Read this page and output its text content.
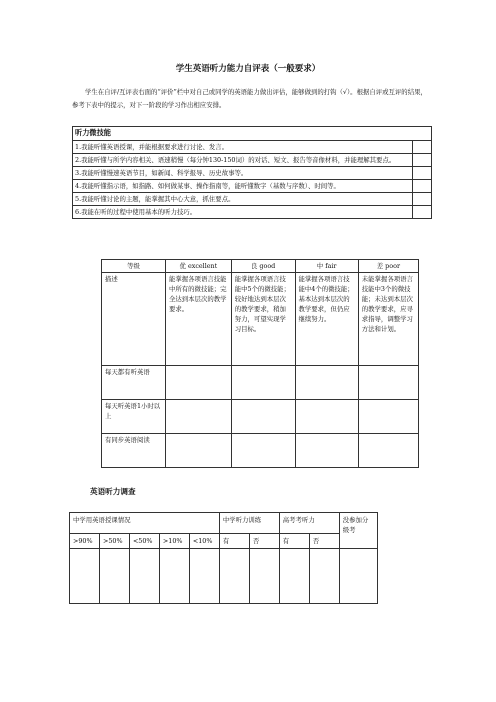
学生英语听力能力自评表（一般要求）

学生在自评/互评表右面的“评价”栏中对自己或同学的英语能力做出评估，能够做到的打钩（√）。根据自评或互评的结果，参考下表中的提示，对下一阶段的学习作出相应安排。

听力微技能	
1.我能听懂英语授课，并能根据要求进行讨论、发言。	
2.我能听懂与所学内容相关、语速稍慢（每分钟130-150词）的对话、短文、报告等音像材料，并能理解其要点。	
3.我能听懂慢速英语节目，如新闻、科学报导、历史故事等。	
4.我能听懂指示语，如指路、如何做某事、操作指南等，能听懂数字（基数与序数）、时间等。	
5.我能听懂讨论的主题，能掌握其中心大意，抓住要点。	
6.我能在听的过程中使用基本的听力技巧。	
等级	优 excellent	良 good	中 fair	差 poor
描述	能掌握各项语言技能中所有的微技能；完全达到本层次的教学要求。	能掌握各项语言技能中5个的微技能；较好地达到本层次的教学要求，稍加努力，可望实现学习目标。	能掌握各项语言技能中4个的微技能；基本达到本层次的教学要求，但仍应继续努力。	未能掌握各项语言技能中3个的微技能；未达到本层次的教学要求，应寻求指导，调整学习方法和计划。
每天都有听英语				
每天听英语1小时以上				
有同步英语阅读				
英语听力调查
中学用英语授课情况					中学听力训练		高考考听力		没参加分级考
>90%	>50%	<50%	>10%	<10%	有	否	有	否	
